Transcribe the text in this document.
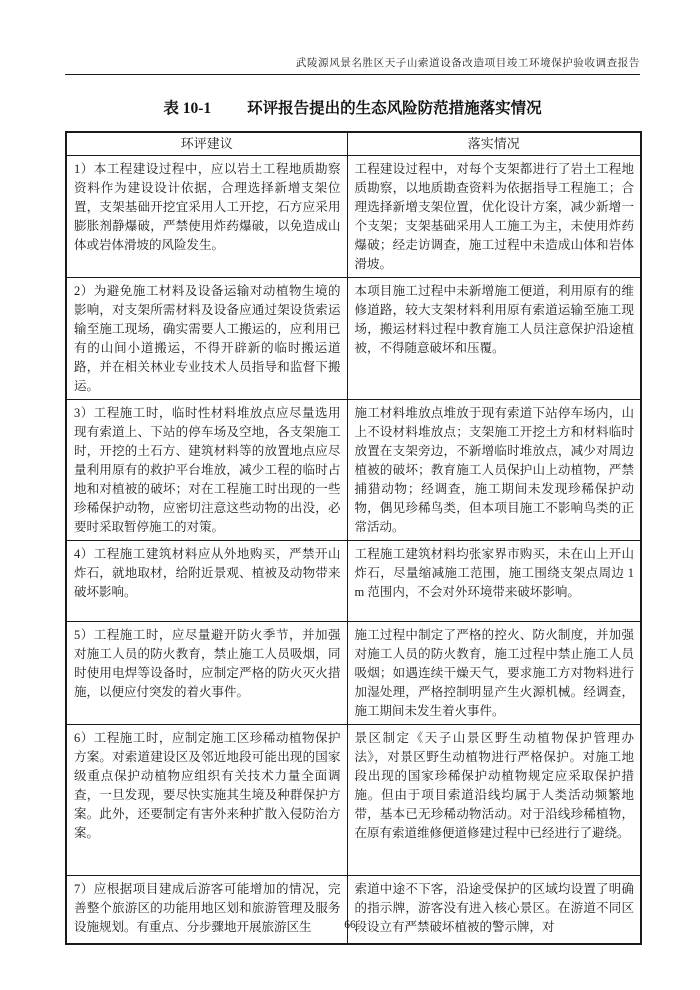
武陵源风景名胜区天子山索道设备改造项目竣工环境保护验收调查报告
表 10-1 环评报告提出的生态风险防范措施落实情况
环评建议	落实情况
1）本工程建设过程中，应以岩土工程地质勘察资料作为建设设计依据，合理选择新增支架位置，支架基础开挖宜采用人工开挖，石方应采用膨胀剂静爆破，严禁使用炸药爆破，以免造成山体或岩体滑坡的风险发生。	工程建设过程中，对每个支架都进行了岩土工程地质勘察，以地质勘查资料为依据指导工程施工；合理选择新增支架位置，优化设计方案，减少新增一个支架；支架基础采用人工施工为主，未使用炸药爆破；经走访调查，施工过程中未造成山体和岩体滑坡。
2）为避免施工材料及设备运输对动植物生境的影响，对支架所需材料及设备应通过架设货索运输至施工现场，确实需要人工搬运的，应利用已有的山间小道搬运，不得开辟新的临时搬运道路，并在相关林业专业技术人员指导和监督下搬运。	本项目施工过程中未新增施工便道，利用原有的维修道路，较大支架材料利用原有索道运输至施工现场，搬运材料过程中教育施工人员注意保护沿途植被，不得随意破坏和压覆。
3）工程施工时，临时性材料堆放点应尽量选用现有索道上、下站的停车场及空地，各支架施工时，开挖的土石方、建筑材料等的放置地点应尽量利用原有的救护平台堆放，减少工程的临时占地和对植被的破坏；对在工程施工时出现的一些珍稀保护动物，应密切注意这些动物的出没，必要时采取暂停施工的对策。	施工材料堆放点堆放于现有索道下站停车场内，山上不设材料堆放点；支架施工开挖土方和材料临时放置在支架旁边，不新增临时堆放点，减少对周边植被的破坏；教育施工人员保护山上动植物，严禁捕猎动物；经调查，施工期间未发现珍稀保护动物，偶见珍稀鸟类，但本项目施工不影响鸟类的正常活动。
4）工程施工建筑材料应从外地购买，严禁开山炸石，就地取材，给附近景观、植被及动物带来破坏影响。	工程施工建筑材料均张家界市购买，未在山上开山炸石，尽量缩减施工范围，施工围绕支架点周边 1m 范围内，不会对外环境带来破坏影响。
5）工程施工时，应尽量避开防火季节，并加强对施工人员的防火教育，禁止施工人员吸烟，同时使用电焊等设备时，应制定严格的防火灭火措施，以便应付突发的着火事件。	施工过程中制定了严格的控火、防火制度，并加强对施工人员的防火教育，施工过程中禁止施工人员吸烟；如遇连续干燥天气，要求施工方对物料进行加湿处理，严格控制明显产生火源机械。经调查，施工期间未发生着火事件。
6）工程施工时，应制定施工区珍稀动植物保护方案。对索道建设区及邻近地段可能出现的国家级重点保护动植物应组织有关技术力量全面调查，一旦发现，要尽快实施其生境及种群保护方案。此外，还要制定有害外来种扩散入侵防治方案。	景区制定《天子山景区野生动植物保护管理办法》，对景区野生动植物进行严格保护。对施工地段出现的国家珍稀保护动植物规定应采取保护措施。但由于项目索道沿线均属于人类活动频繁地带，基本已无珍稀动物活动。对于沿线珍稀植物，在原有索道维修便道修建过程中已经进行了避绕。

7）应根据项目建成后游客可能增加的情况，完善整个旅游区的功能用地区划和旅游管理及服务设施规划。有重点、分步骤地开展旅游区生	索道中途不下客，沿途受保护的区域均设置了明确的指示牌，游客没有进入核心景区。在游道不同区段设立有严禁破坏植被的警示牌，对
66
